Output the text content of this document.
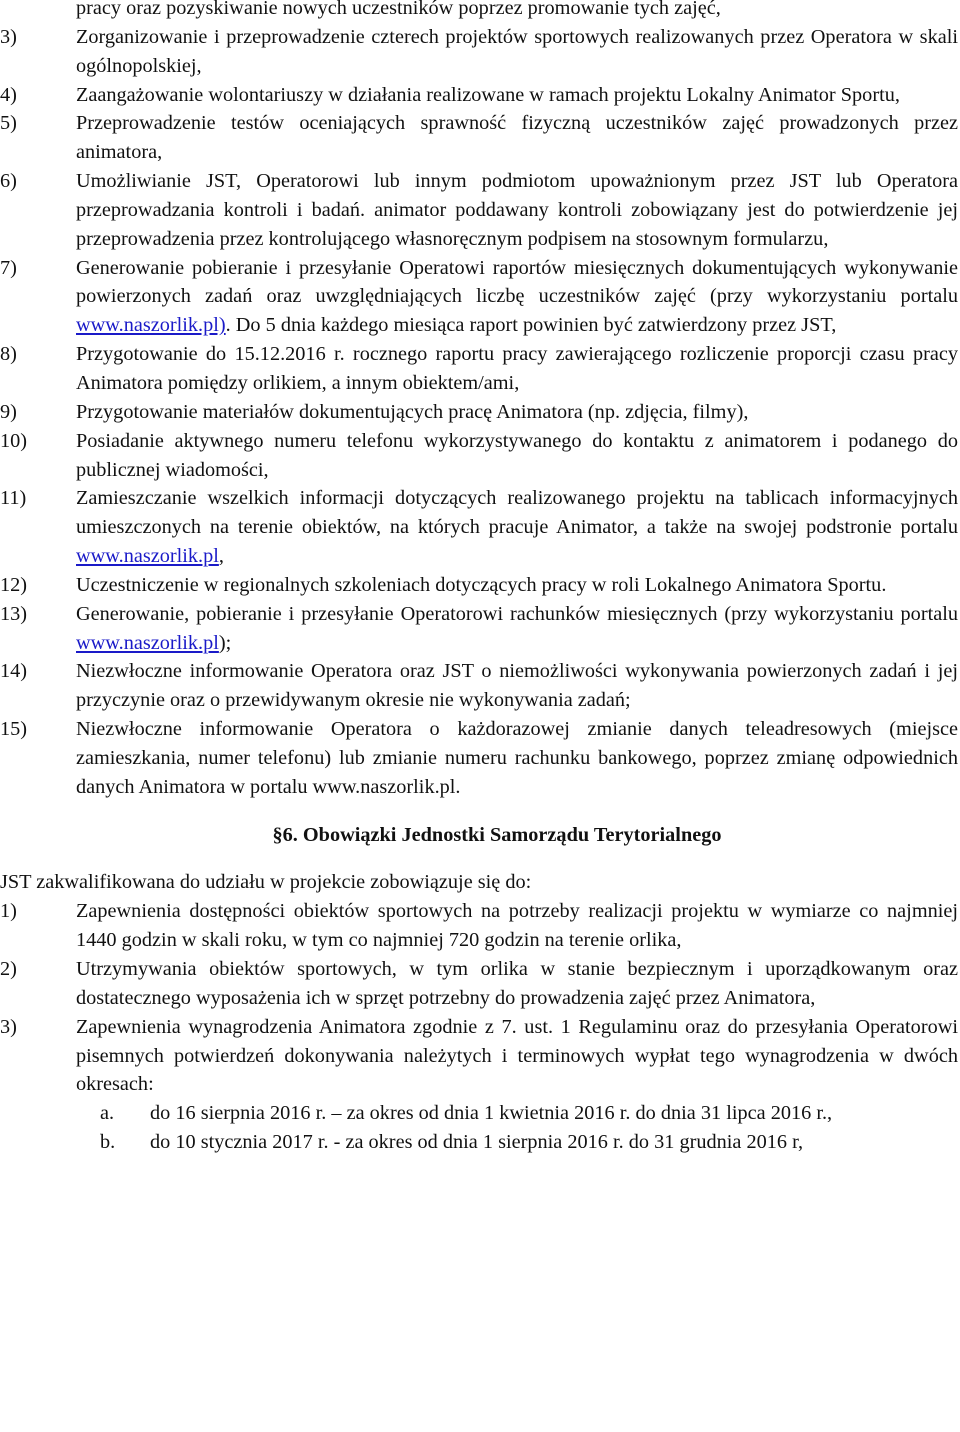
pracy oraz pozyskiwanie nowych uczestników poprzez promowanie tych zajęć,
3)	Zorganizowanie i przeprowadzenie czterech projektów sportowych realizowanych przez Operatora w skali ogólnopolskiej,
4)	Zaangażowanie wolontariuszy w działania realizowane w ramach projektu Lokalny Animator Sportu,
5)	Przeprowadzenie testów oceniających sprawność fizyczną uczestników zajęć prowadzonych przez animatora,
6)	Umożliwianie JST, Operatorowi lub innym podmiotom upoważnionym przez JST lub Operatora przeprowadzania kontroli i badań. animator poddawany kontroli zobowiązany jest do potwierdzenie jej przeprowadzenia przez kontrolującego własnoręcznym podpisem na stosownym formularzu,
7)	Generowanie pobieranie i przesyłanie Operatowi raportów miesięcznych dokumentujących wykonywanie powierzonych zadań oraz uwzględniających liczbę uczestników zajęć (przy wykorzystaniu portalu www.naszorlik.pl). Do 5 dnia każdego miesiąca raport powinien być zatwierdzony przez JST,
8)	Przygotowanie do 15.12.2016 r. rocznego raportu pracy zawierającego rozliczenie proporcji czasu pracy Animatora pomiędzy orlikiem, a innym obiektem/ami,
9)	Przygotowanie materiałów dokumentujących pracę Animatora (np. zdjęcia, filmy),
10)	Posiadanie aktywnego numeru telefonu wykorzystywanego do kontaktu z animatorem i podanego do publicznej wiadomości,
11)	Zamieszczanie wszelkich informacji dotyczących realizowanego projektu na tablicach informacyjnych umieszczonych na terenie obiektów, na których pracuje Animator, a także na swojej podstronie portalu www.naszorlik.pl,
12)	Uczestniczenie w regionalnych szkoleniach dotyczących pracy w roli Lokalnego Animatora Sportu.
13)	Generowanie, pobieranie i przesyłanie Operatorowi rachunków miesięcznych (przy wykorzystaniu portalu www.naszorlik.pl);
14)	Niezwłoczne informowanie Operatora oraz JST o niemożliwości wykonywania powierzonych zadań i jej przyczynie oraz o przewidywanym okresie nie wykonywania zadań;
15)	Niezwłoczne informowanie Operatora o każdorazowej zmianie danych teleadresowych (miejsce zamieszkania, numer telefonu) lub zmianie numeru rachunku bankowego, poprzez zmianę odpowiednich danych Animatora w portalu www.naszorlik.pl.
§6. Obowiązki Jednostki Samorządu Terytorialnego
JST zakwalifikowana do udziału w projekcie zobowiązuje się do:
1)	Zapewnienia dostępności obiektów sportowych na potrzeby realizacji projektu w wymiarze co najmniej 1440 godzin w skali roku, w tym co najmniej 720 godzin na terenie orlika,
2)	Utrzymywania obiektów sportowych, w tym orlika w stanie bezpiecznym i uporządkowanym oraz dostatecznego wyposażenia ich w sprzęt potrzebny do prowadzenia zajęć przez Animatora,
3)	Zapewnienia wynagrodzenia Animatora zgodnie z 7. ust. 1 Regulaminu oraz do przesyłania Operatorowi pisemnych potwierdzeń dokonywania należytych i terminowych wypłat tego wynagrodzenia w dwóch okresach:
a.	do 16 sierpnia 2016 r. – za okres od dnia 1 kwietnia 2016 r. do dnia 31 lipca 2016 r.,
b.	do 10 stycznia 2017 r. - za okres od dnia 1 sierpnia 2016 r. do 31 grudnia 2016 r,
